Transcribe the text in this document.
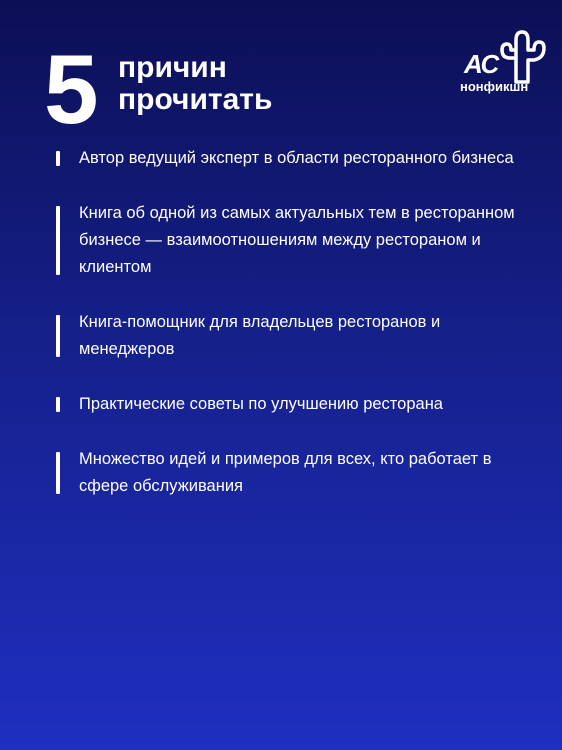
5 причин
прочитать
АС
нонфикшн
Автор ведущий эксперт в области ресторанного бизнеса
Книга об одной из самых актуальных тем в ресторанном бизнесе — взаимоотношениям между рестораном и клиентом
Книга-помощник для владельцев ресторанов и менеджеров
Практические советы по улучшению ресторана
Множество идей и примеров для всех, кто работает в сфере обслуживания
